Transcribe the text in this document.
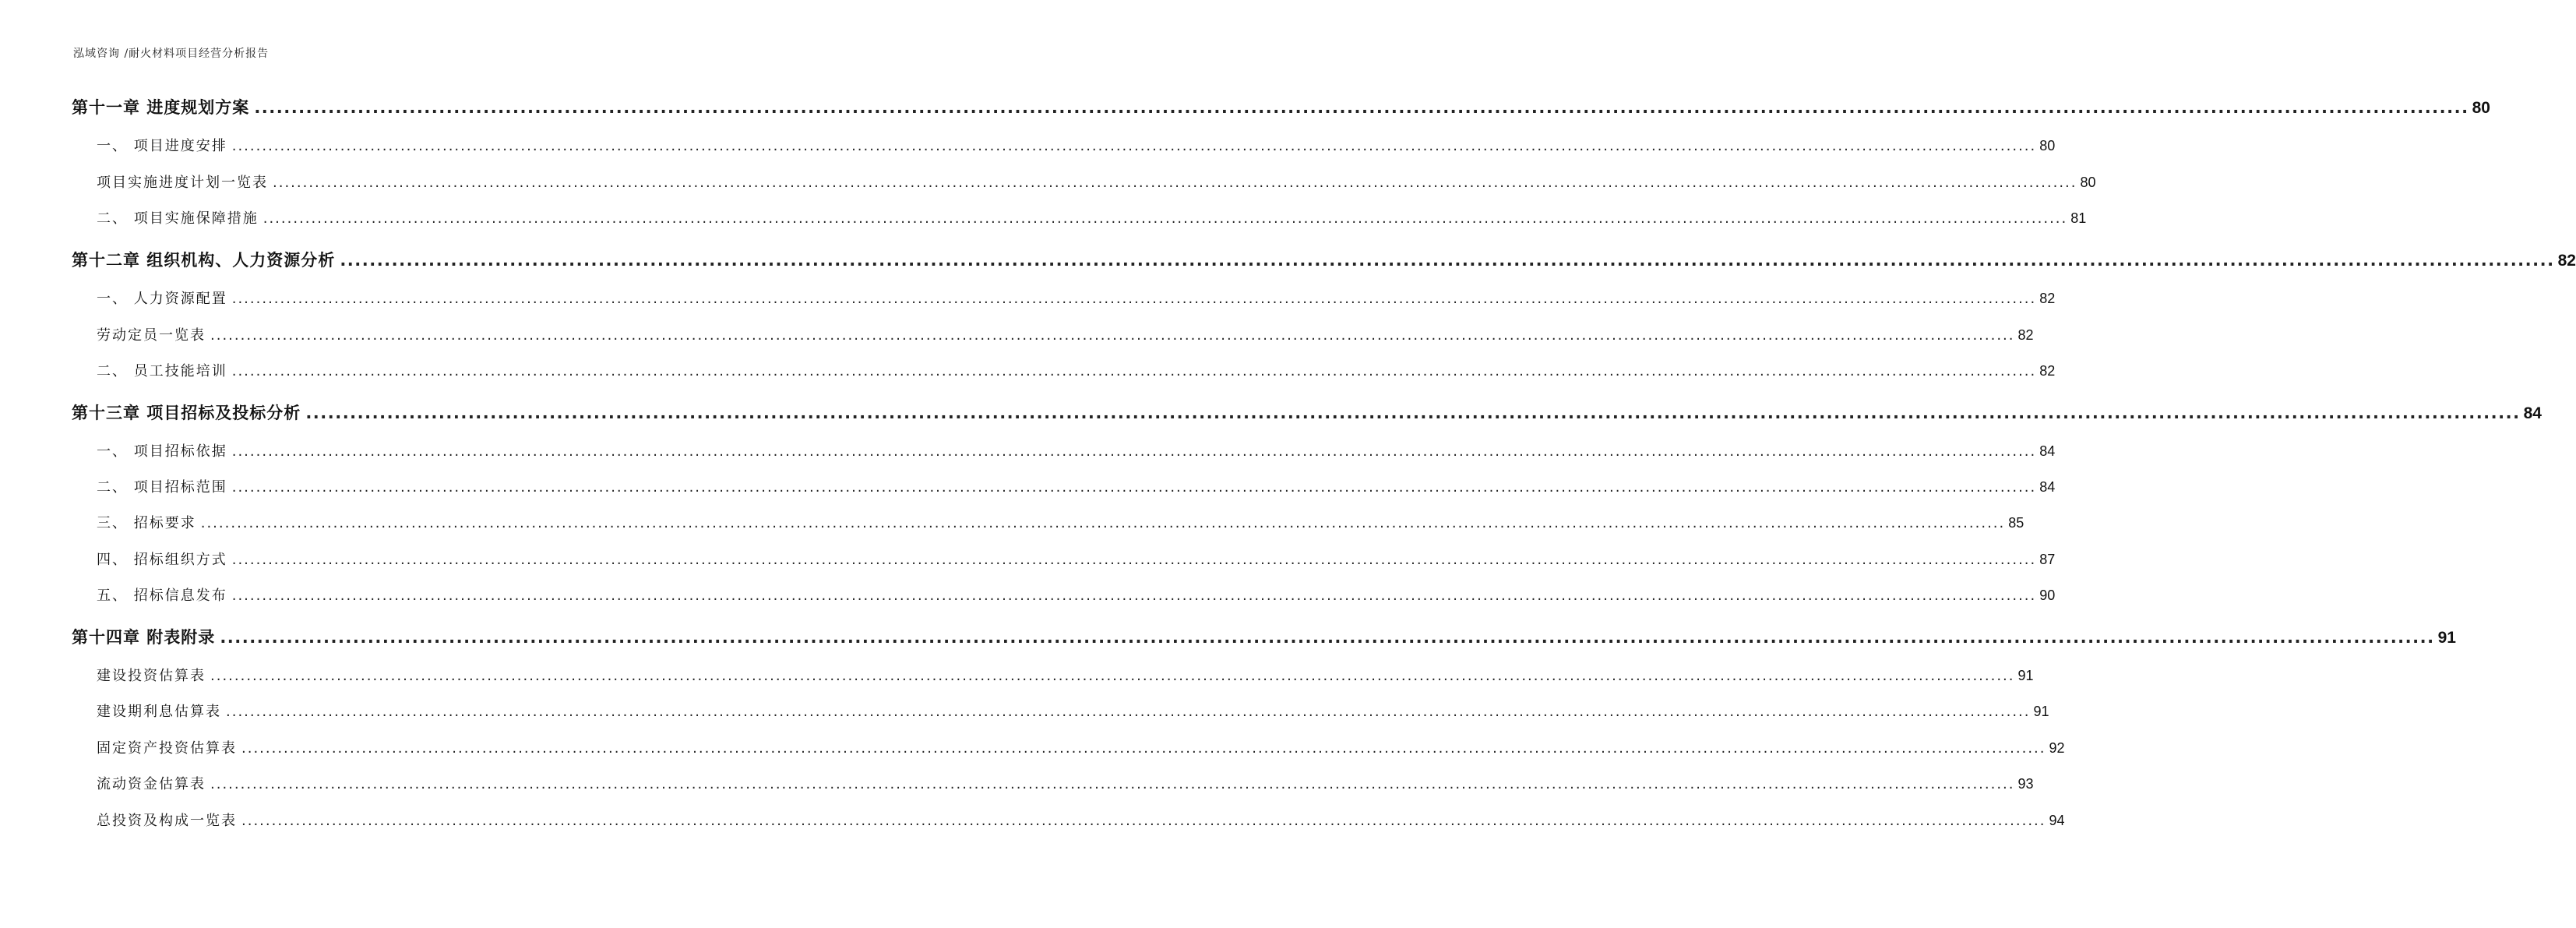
泓域咨询 /耐火材料项目经营分析报告
第十一章 进度规划方案 ............................................................................................................................................................................................................................................................................................................ 80
一、 项目进度安排 ............................................................................................................................................................................................................................................................................................................ 80
项目实施进度计划一览表 ............................................................................................................................................................................................................................................................................................................ 80
二、 项目实施保障措施 ............................................................................................................................................................................................................................................................................................................ 81
第十二章 组织机构、人力资源分析 ............................................................................................................................................................................................................................................................................................................ 82
一、 人力资源配置 ............................................................................................................................................................................................................................................................................................................ 82
劳动定员一览表 ............................................................................................................................................................................................................................................................................................................ 82
二、 员工技能培训 ............................................................................................................................................................................................................................................................................................................ 82
第十三章 项目招标及投标分析 ............................................................................................................................................................................................................................................................................................................ 84
一、 项目招标依据 ............................................................................................................................................................................................................................................................................................................ 84
二、 项目招标范围 ............................................................................................................................................................................................................................................................................................................ 84
三、 招标要求 ............................................................................................................................................................................................................................................................................................................ 85
四、 招标组织方式 ............................................................................................................................................................................................................................................................................................................ 87
五、 招标信息发布 ............................................................................................................................................................................................................................................................................................................ 90
第十四章 附表附录 ............................................................................................................................................................................................................................................................................................................ 91
建设投资估算表 ............................................................................................................................................................................................................................................................................................................ 91
建设期利息估算表 ............................................................................................................................................................................................................................................................................................................ 91
固定资产投资估算表 ............................................................................................................................................................................................................................................................................................................ 92
流动资金估算表 ............................................................................................................................................................................................................................................................................................................ 93
总投资及构成一览表 ............................................................................................................................................................................................................................................................................................................ 94
